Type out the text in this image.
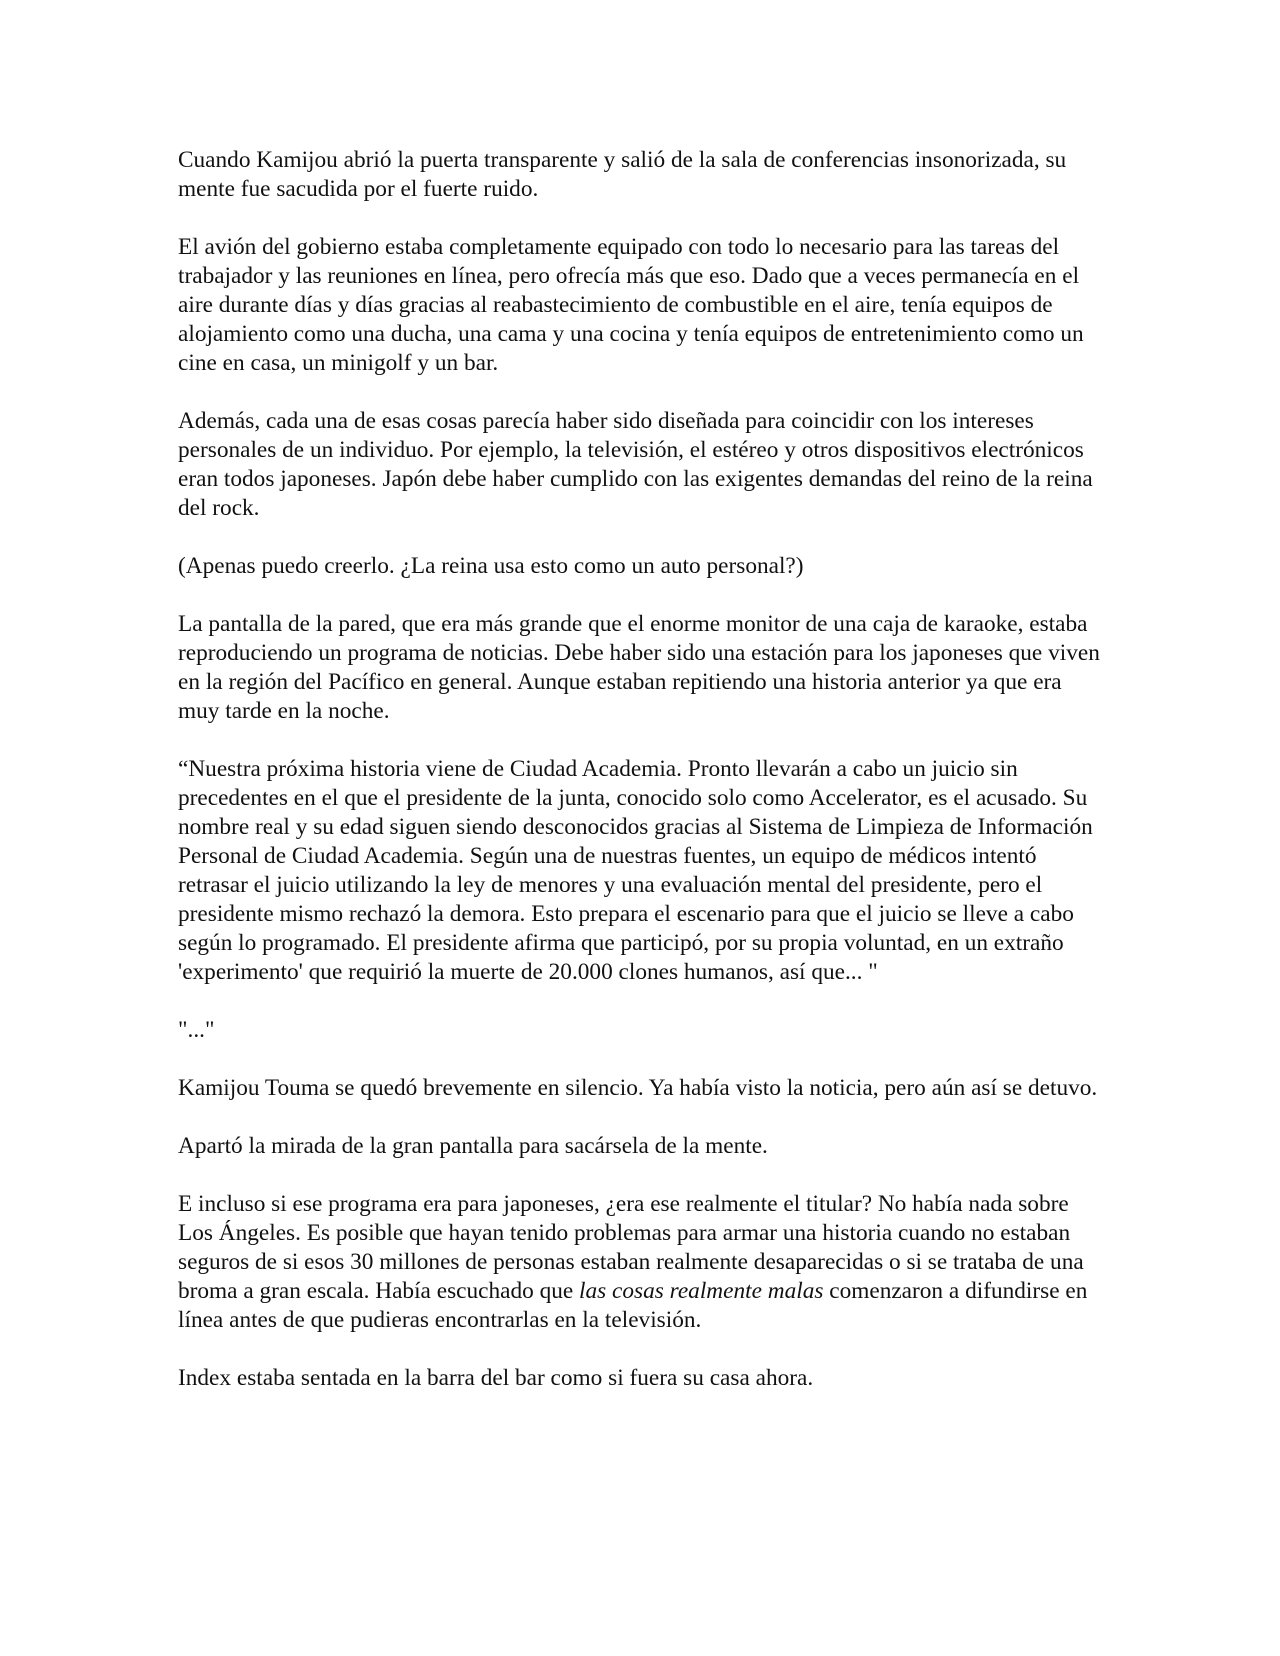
Cuando Kamijou abrió la puerta transparente y salió de la sala de conferencias insonorizada, su mente fue sacudida por el fuerte ruido.

El avión del gobierno estaba completamente equipado con todo lo necesario para las tareas del trabajador y las reuniones en línea, pero ofrecía más que eso. Dado que a veces permanecía en el aire durante días y días gracias al reabastecimiento de combustible en el aire, tenía equipos de alojamiento como una ducha, una cama y una cocina y tenía equipos de entretenimiento como un cine en casa, un minigolf y un bar.

Además, cada una de esas cosas parecía haber sido diseñada para coincidir con los intereses personales de un individuo. Por ejemplo, la televisión, el estéreo y otros dispositivos electrónicos eran todos japoneses. Japón debe haber cumplido con las exigentes demandas del reino de la reina del rock.

(Apenas puedo creerlo. ¿La reina usa esto como un auto personal?)

La pantalla de la pared, que era más grande que el enorme monitor de una caja de karaoke, estaba reproduciendo un programa de noticias. Debe haber sido una estación para los japoneses que viven en la región del Pacífico en general. Aunque estaban repitiendo una historia anterior ya que era muy tarde en la noche.

“Nuestra próxima historia viene de Ciudad Academia. Pronto llevarán a cabo un juicio sin precedentes en el que el presidente de la junta, conocido solo como Accelerator, es el acusado. Su nombre real y su edad siguen siendo desconocidos gracias al Sistema de Limpieza de Información Personal de Ciudad Academia. Según una de nuestras fuentes, un equipo de médicos intentó retrasar el juicio utilizando la ley de menores y una evaluación mental del presidente, pero el presidente mismo rechazó la demora. Esto prepara el escenario para que el juicio se lleve a cabo según lo programado. El presidente afirma que participó, por su propia voluntad, en un extraño 'experimento' que requirió la muerte de 20.000 clones humanos, así que... "

"..."

Kamijou Touma se quedó brevemente en silencio. Ya había visto la noticia, pero aún así se detuvo.

Apartó la mirada de la gran pantalla para sacársela de la mente.

E incluso si ese programa era para japoneses, ¿era ese realmente el titular? No había nada sobre Los Ángeles. Es posible que hayan tenido problemas para armar una historia cuando no estaban seguros de si esos 30 millones de personas estaban realmente desaparecidas o si se trataba de una broma a gran escala. Había escuchado que las cosas realmente malas comenzaron a difundirse en línea antes de que pudieras encontrarlas en la televisión.

Index estaba sentada en la barra del bar como si fuera su casa ahora.
